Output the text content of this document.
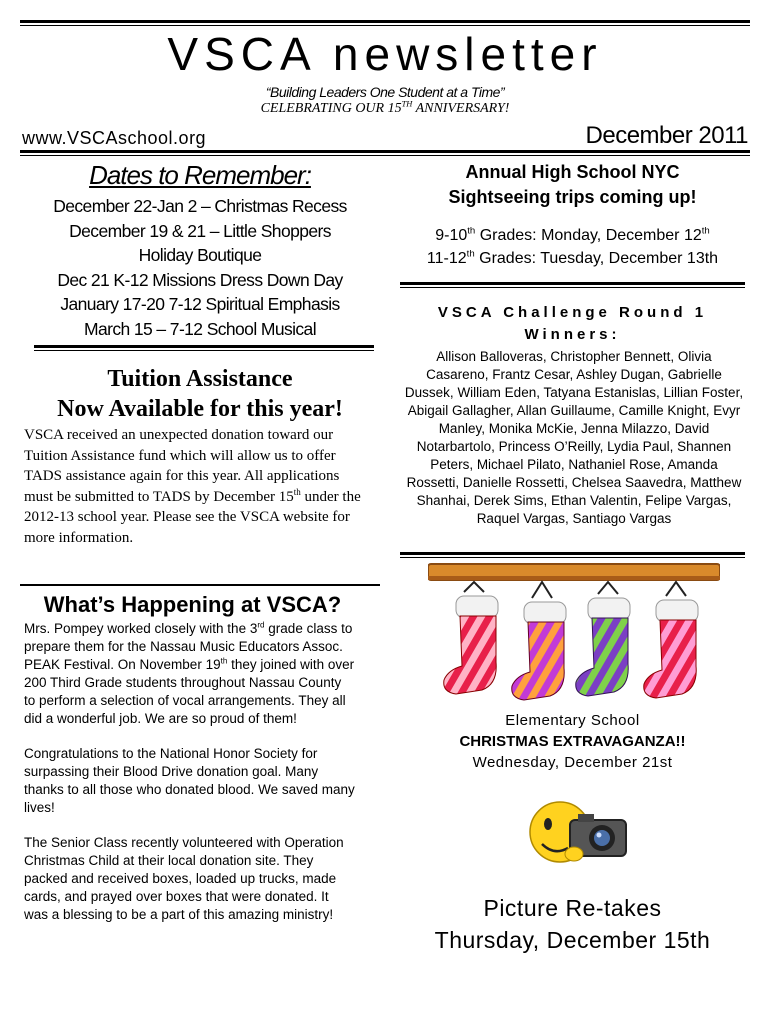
VSCA newsletter
“Building Leaders One Student at a Time”
CELEBRATING OUR 15TH ANNIVERSARY!
www.VSCAschool.org	December 2011
Dates to Remember:
December 22-Jan 2 – Christmas Recess
December 19 & 21 – Little Shoppers
Holiday Boutique
Dec 21 K-12 Missions Dress Down Day
January 17-20 7-12 Spiritual Emphasis
March 15 – 7-12 School Musical
Tuition Assistance
Now Available for this year!
VSCA received an unexpected donation toward our Tuition Assistance fund which will allow us to offer TADS assistance again for this year. All applications must be submitted to TADS by December 15th under the 2012-13 school year. Please see the VSCA website for more information.
What’s Happening at VSCA?

Mrs. Pompey worked closely with the 3rd grade class to prepare them for the Nassau Music Educators Assoc. PEAK Festival. On November 19th they joined with over 200 Third Grade students throughout Nassau County to perform a selection of vocal arrangements. They all did a wonderful job. We are so proud of them!

Congratulations to the National Honor Society for surpassing their Blood Drive donation goal. Many thanks to all those who donated blood. We saved many lives!

The Senior Class recently volunteered with Operation Christmas Child at their local donation site. They packed and received boxes, loaded up trucks, made cards, and prayed over boxes that were donated. It was a blessing to be a part of this amazing ministry!

Annual High School NYC
Sightseeing trips coming up!
9-10th Grades: Monday, December 12th
11-12th Grades: Tuesday, December 13th
VSCA Challenge Round 1
Winners:
Allison Balloveras, Christopher Bennett, Olivia Casareno, Frantz Cesar, Ashley Dugan, Gabrielle Dussek, William Eden, Tatyana Estanislas, Lillian Foster, Abigail Gallagher, Allan Guillaume, Camille Knight, Evyr Manley, Monika McKie, Jenna Milazzo, David Notarbartolo, Princess O’Reilly, Lydia Paul, Shannen Peters, Michael Pilato, Nathaniel Rose, Amanda Rossetti, Danielle Rossetti, Chelsea Saavedra, Matthew Shanhai, Derek Sims, Ethan Valentin, Felipe Vargas, Raquel Vargas, Santiago Vargas
Elementary School
CHRISTMAS EXTRAVAGANZA!!
Wednesday, December 21st
Picture Re-takes
Thursday, December 15th
